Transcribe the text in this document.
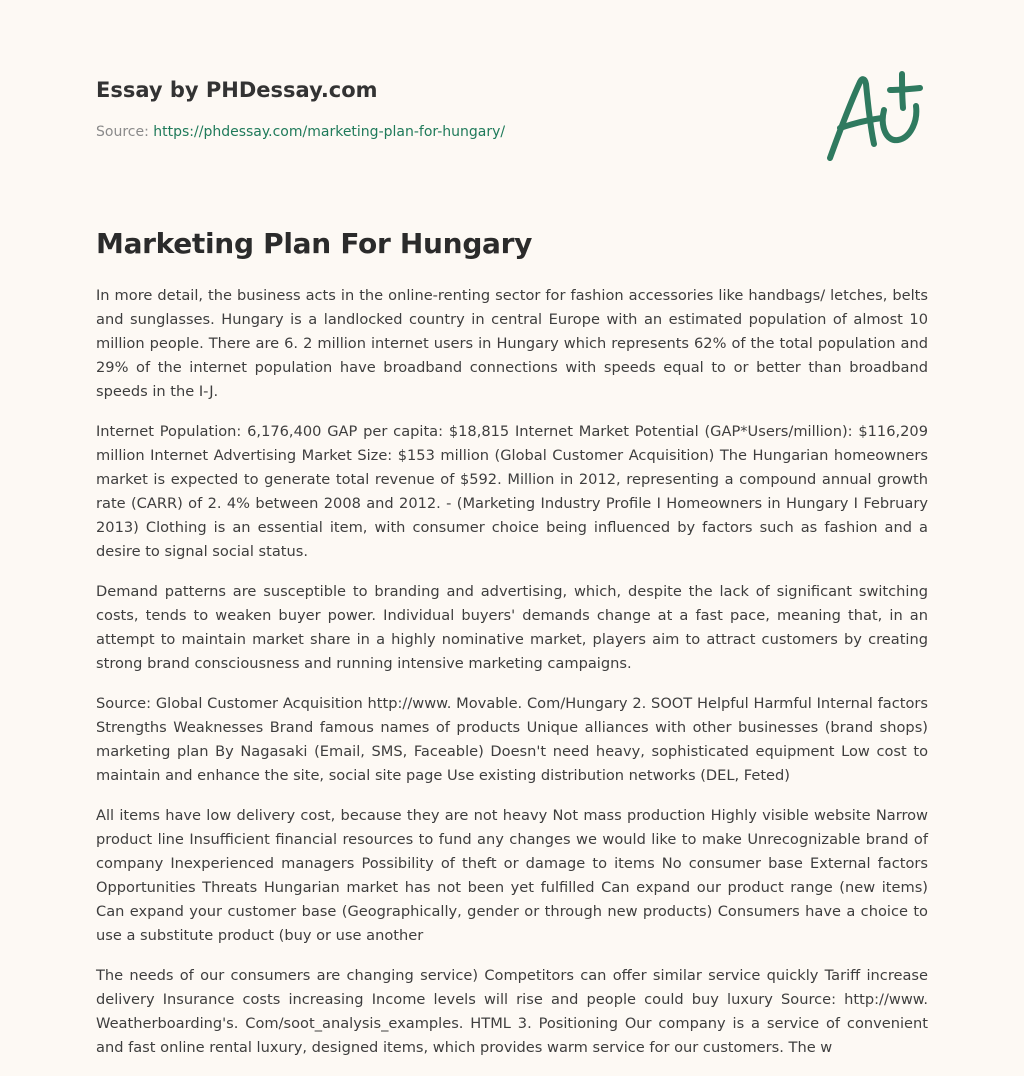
Essay by PHDessay.com
Source: https://phdessay.com/marketing-plan-for-hungary/
Marketing Plan For Hungary

In more detail, the business acts in the online-renting sector for fashion accessories like handbags/ letches, belts and sunglasses. Hungary is a landlocked country in central Europe with an estimated population of almost 10 million people. There are 6. 2 million internet users in Hungary which represents 62% of the total population and 29% of the internet population have broadband connections with speeds equal to or better than broadband speeds in the I-J.

Internet Population: 6,176,400 GAP per capita: $18,815 Internet Market Potential (GAP*Users/million): $116,209 million Internet Advertising Market Size: $153 million (Global Customer Acquisition) The Hungarian homeowners market is expected to generate total revenue of $592. Million in 2012, representing a compound annual growth rate (CARR) of 2. 4% between 2008 and 2012. - (Marketing Industry Profile I Homeowners in Hungary I February 2013) Clothing is an essential item, with consumer choice being influenced by factors such as fashion and a desire to signal social status.

Demand patterns are susceptible to branding and advertising, which, despite the lack of significant switching costs, tends to weaken buyer power. Individual buyers' demands change at a fast pace, meaning that, in an attempt to maintain market share in a highly nominative market, players aim to attract customers by creating strong brand consciousness and running intensive marketing campaigns.

Source: Global Customer Acquisition http://www. Movable. Com/Hungary 2. SOOT Helpful Harmful Internal factors Strengths Weaknesses Brand famous names of products Unique alliances with other businesses (brand shops) marketing plan By Nagasaki (Email, SMS, Faceable) Doesn't need heavy, sophisticated equipment Low cost to maintain and enhance the site, social site page Use existing distribution networks (DEL, Feted)

All items have low delivery cost, because they are not heavy Not mass production Highly visible website Narrow product line Insufficient financial resources to fund any changes we would like to make Unrecognizable brand of company Inexperienced managers Possibility of theft or damage to items No consumer base External factors Opportunities Threats Hungarian market has not been yet fulfilled Can expand our product range (new items) Can expand your customer base (Geographically, gender or through new products) Consumers have a choice to use a substitute product (buy or use another

The needs of our consumers are changing service) Competitors can offer similar service quickly Tariff increase delivery Insurance costs increasing Income levels will rise and people could buy luxury Source: http://www. Weatherboarding's. Com/soot_analysis_examples. HTML 3. Positioning Our company is a service of convenient and fast online rental luxury, designed items, which provides warm service for our customers. The w
